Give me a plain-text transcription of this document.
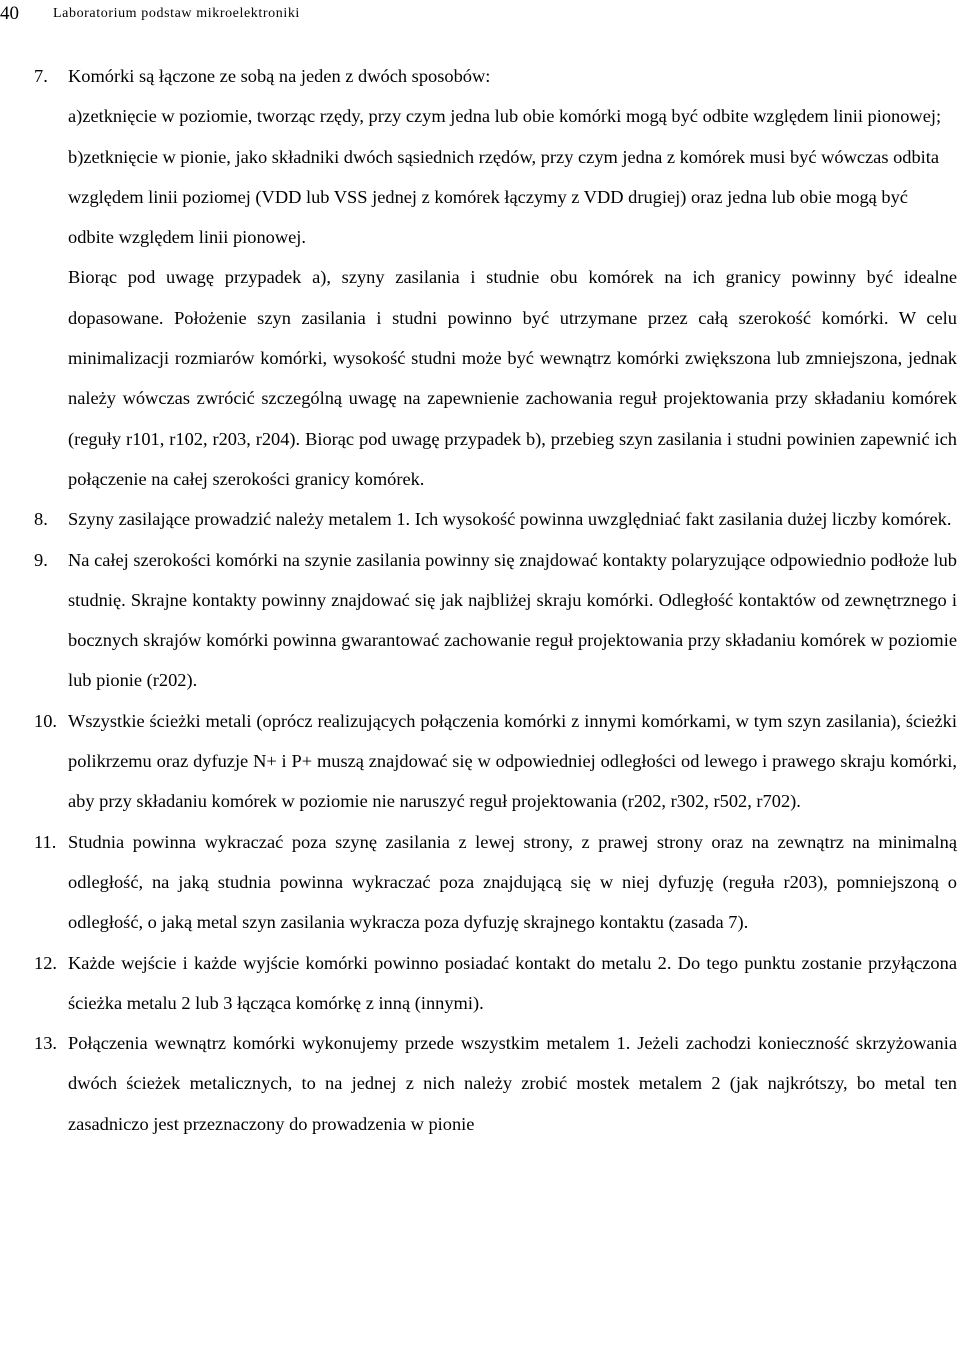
40 Laboratorium podstaw mikroelektroniki
7. Komórki są łączone ze sobą na jeden z dwóch sposobów:
a)zetknięcie w poziomie, tworząc rzędy, przy czym jedna lub obie komórki mogą być odbite względem linii pionowej;
b)zetknięcie w pionie, jako składniki dwóch sąsiednich rzędów, przy czym jedna z komórek musi być wówczas odbita względem linii poziomej (VDD lub VSS jednej z komórek łączymy z VDD drugiej) oraz jedna lub obie mogą być odbite względem linii pionowej.
Biorąc pod uwagę przypadek a), szyny zasilania i studnie obu komórek na ich granicy powinny być idealne dopasowane. Położenie szyn zasilania i studni powinno być utrzymane przez całą szerokość komórki. W celu minimalizacji rozmiarów komórki, wysokość studni może być wewnątrz komórki zwiększona lub zmniejszona, jednak należy wówczas zwrócić szczególną uwagę na zapewnienie zachowania reguł projektowania przy składaniu komórek (reguły r101, r102, r203, r204). Biorąc pod uwagę przypadek b), przebieg szyn zasilania i studni powinien zapewnić ich połączenie na całej szerokości granicy komórek.
8. Szyny zasilające prowadzić należy metalem 1. Ich wysokość powinna uwzględniać fakt zasilania dużej liczby komórek.
9. Na całej szerokości komórki na szynie zasilania powinny się znajdować kontakty polaryzujące odpowiednio podłoże lub studnię. Skrajne kontakty powinny znajdować się jak najbliżej skraju komórki. Odległość kontaktów od zewnętrznego i bocznych skrajów komórki powinna gwarantować zachowanie reguł projektowania przy składaniu komórek w poziomie lub pionie (r202).
10. Wszystkie ścieżki metali (oprócz realizujących połączenia komórki z innymi komórkami, w tym szyn zasilania), ścieżki polikrzemu oraz dyfuzje N+ i P+ muszą znajdować się w odpowiedniej odległości od lewego i prawego skraju komórki, aby przy składaniu komórek w poziomie nie naruszyć reguł projektowania (r202, r302, r502, r702).
11. Studnia powinna wykraczać poza szynę zasilania z lewej strony, z prawej strony oraz na zewnątrz na minimalną odległość, na jaką studnia powinna wykraczać poza znajdującą się w niej dyfuzję (reguła r203), pomniejszoną o odległość, o jaką metal szyn zasilania wykracza poza dyfuzję skrajnego kontaktu (zasada 7).
12. Każde wejście i każde wyjście komórki powinno posiadać kontakt do metalu 2. Do tego punktu zostanie przyłączona ścieżka metalu 2 lub 3 łącząca komórkę z inną (innymi).
13. Połączenia wewnątrz komórki wykonujemy przede wszystkim metalem 1. Jeżeli zachodzi konieczność skrzyżowania dwóch ścieżek metalicznych, to na jednej z nich należy zrobić mostek metalem 2 (jak najkrótszy, bo metal ten zasadniczo jest przeznaczony do prowadzenia w pionie
